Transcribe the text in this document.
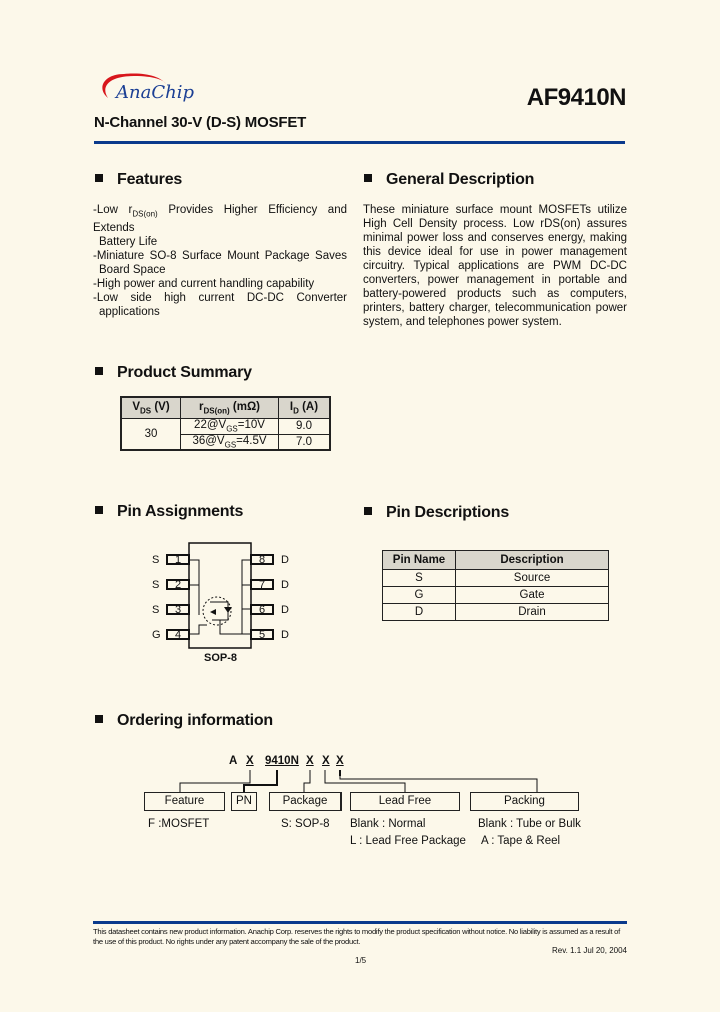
AnaChip	AF9410N
N-Channel 30-V (D-S) MOSFET
Features
-Low $r_{DS(on)}$ Provides Higher Efficiency and Extends
Battery Life
-Miniature SO-8 Surface Mount Package Saves
Board Space
-High power and current handling capability
-Low side high current DC-DC Converter
applications
General Description
These miniature surface mount MOSFETs utilize High Cell Density process. Low rDS(on) assures minimal power loss and conserves energy, making this device ideal for use in power management circuitry. Typical applications are PWM DC-DC converters, power management in portable and battery-powered products such as computers, printers, battery charger, telecommunication power system, and telephones power system.
Product Summary
$V_{DS}$ (V)	$r_{DS(on)}$ (mΩ)	$I_D$ (A)
30	$22@V_{GS}=10V$	9.0
	$36@V_{GS}=4.5V$	7.0
Pin Assignments
S 1
S 2
S 3
G 4
8 D
7 D
6 D
5 D
SOP-8
Pin Descriptions
Pin Name	Description
S	Source
G	Gate
D	Drain
Ordering information
A X 9410N X X X
Feature	PN	Package	Lead Free	Packing
F :MOSFET	S: SOP-8 Blank : Normal
L : Lead Free Package
Blank : Tube or Bulk
A : Tape & Reel
This datasheet contains new product information. Anachip Corp. reserves the rights to modify the product specification without notice. No liability is assumed as a result of the use of this product. No rights under any patent accompany the sale of the product.
Rev. 1.1 Jul 20, 2004
1/5
